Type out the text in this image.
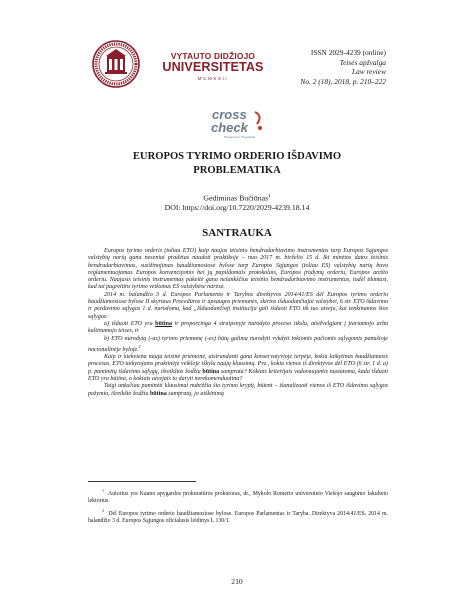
VYTAUTO DIDŽIOJO
UNIVERSITETAS
MCMXXII
ISSN 2029-4239 (online)
Teisės apžvalga
Law review
No. 2 (18), 2018, p. 210–222
cross
check
Powered by iThenticate
EUROPOS TYRIMO ORDERIO IŠDAVIMO
PROBLEMATIKA
Gediminas Bučiūnas$^1$
DOI: https://doi.org/10.7220/2029-4239.18.14
SANTRAUKA

Europos tyrimo orderis (toliau ETO) kaip naujas teisinio bendradarbiavimo instrumentas tarp Europos Sąjungos valstybių narių gana neseniai pradėtas naudoti praktikoje – nuo 2017 m. birželio 15 d. Iki minėtos datos teisinis bendradarbiavimas, susižinojimas baudžiamosiose bylose tarp Europos Sąjungos (toliau ES) valstybių narių buvo reglamentuojamas Europos konvencijomis bei jų papildomais protokolais, Europos įrodymų orderiu, Europos arešto orderiu. Naujasis teisinis instrumentas pakeitė gana nelankščius teisinio bendradarbiavimo instrumentus, todėl tikimasi, kad tai pagreitins tyrimo veiksmus ES valstybėse narėse.

2014 m. balandžio 3 d. Europos Parlamento ir Tarybos direktyvos 2014/41/ES dėl Europos tyrimo orderio baudžiamosiose bylose II skyriaus Procedūros ir apsaugos priemonės, skirtos išduodančiajai valstybei, 6 str. ETO išdavimo ir perdavimo sąlygos 1 d. nurodoma, kad „Išduodančioji institucija gali išduoti ETO tik tuo atveju, kai tenkinamos šios sąlygos:

a) išduoti ETO yra būtina ir proporcinga 4 straipsnyje nurodyto proceso tikslu, atsižvelgiant į įtariamojo arba kaltinamojo teises, ir

b) ETO nurodytą (-as) tyrimo priemonę (-es) būtų galima nurodyti vykdyti tokiomis pačiomis sąlygomis panašioje nacionalinėje byloje.$^2$

Kaip ir kiekviena nauja teisinė priemonė, atsirandanti gana konservatyvioje terpėje, kokia laikytinas baudžiamasis procesas, ETO taikytojams praktinėje veikloje iškyla naujų klausimų. Pvz., kokia vienos iš direktyvos dėl ETO (6 str. 1 d. a) p. paminėtų išdavimo sąlygų, išreikštos žodžiu būtina samprata? Kokiais kriterijais vadovaujantis nustatoma, kada išduoti ETO yra būtina, o kokiais atvejais to daryti nerekomenduotina?

Taigi anksčiau paminėti klausimai nubrėžia šio tyrimo kryptį, būtent – išanalizuoti vienos iš ETO išdavimo sąlygos požymio, išreikšto žodžiu būtina sampratą, jo aiškinimą

$^1$  Autorius yra Kauno apygardos prokuratūros prokuroras, dr., Mykolo Romerio universiteto Viešojo saugumo fakulteto lektorius.

$^2$  Dėl Europos tyrimo orderio baudžiamosiose bylose. Europos Parlamentas ir Taryba. Direktyva 2014/41/ES. 2014 m. balandžio 3 d. Europos Sąjungos oficialusis leidinys L 130/1.

210
